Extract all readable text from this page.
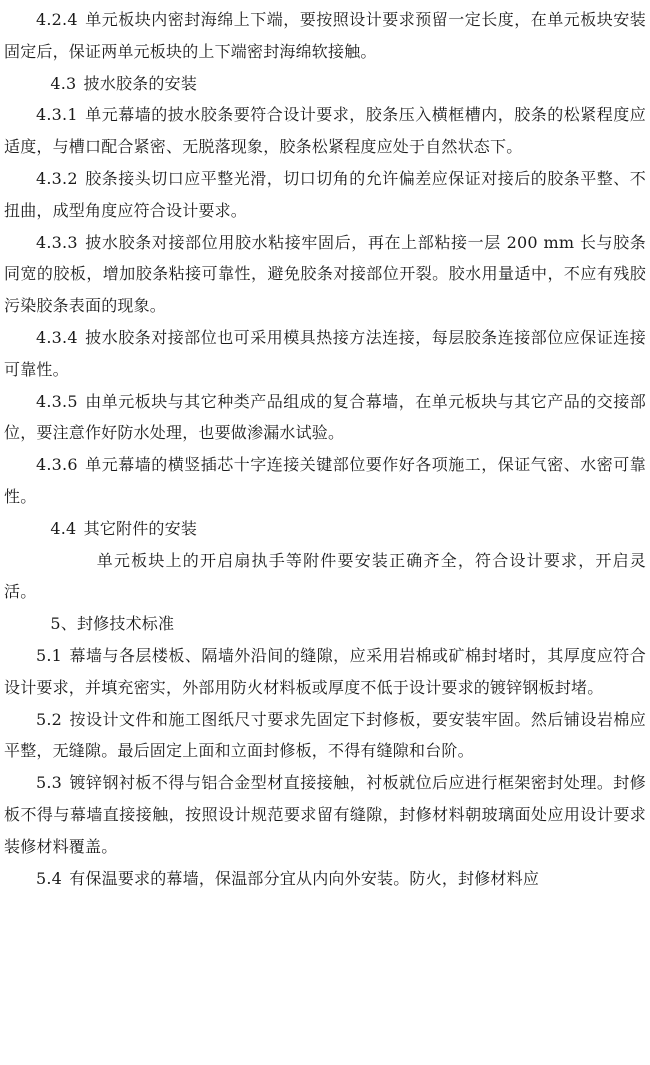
4.2.4 单元板块内密封海绵上下端，要按照设计要求预留一定长度，在单元板块安装固定后，保证两单元板块的上下端密封海绵软接触。

4.3 披水胶条的安装

4.3.1 单元幕墙的披水胶条要符合设计要求，胶条压入横框槽内，胶条的松紧程度应适度，与槽口配合紧密、无脱落现象，胶条松紧程度应处于自然状态下。

4.3.2 胶条接头切口应平整光滑，切口切角的允许偏差应保证对接后的胶条平整、不扭曲，成型角度应符合设计要求。

4.3.3 披水胶条对接部位用胶水粘接牢固后，再在上部粘接一层 200 mm 长与胶条同宽的胶板，增加胶条粘接可靠性，避免胶条对接部位开裂。胶水用量适中，不应有残胶污染胶条表面的现象。

4.3.4 披水胶条对接部位也可采用模具热接方法连接，每层胶条连接部位应保证连接可靠性。

4.3.5 由单元板块与其它种类产品组成的复合幕墙，在单元板块与其它产品的交接部位，要注意作好防水处理，也要做渗漏水试验。

4.3.6 单元幕墙的横竖插芯十字连接关键部位要作好各项施工，保证气密、水密可靠性。

4.4 其它附件的安装

单元板块上的开启扇执手等附件要安装正确齐全，符合设计要求，开启灵活。

5、封修技术标准

5.1 幕墙与各层楼板、隔墙外沿间的缝隙，应采用岩棉或矿棉封堵时，其厚度应符合设计要求，并填充密实，外部用防火材料板或厚度不低于设计要求的镀锌钢板封堵。

5.2 按设计文件和施工图纸尺寸要求先固定下封修板，要安装牢固。然后铺设岩棉应平整，无缝隙。最后固定上面和立面封修板，不得有缝隙和台阶。

5.3 镀锌钢衬板不得与铝合金型材直接接触，衬板就位后应进行框架密封处理。封修板不得与幕墙直接接触，按照设计规范要求留有缝隙，封修材料朝玻璃面处应用设计要求装修材料覆盖。

5.4 有保温要求的幕墙，保温部分宜从内向外安装。防火，封修材料应
